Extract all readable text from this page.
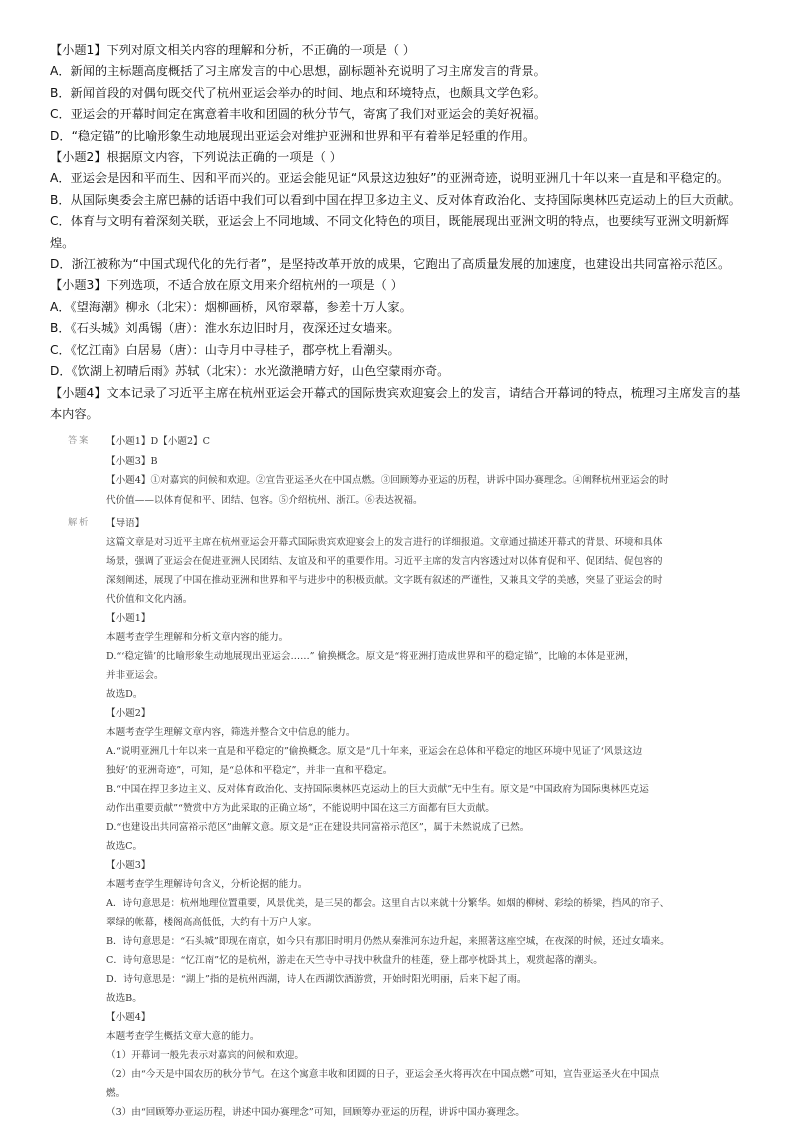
【小题1】下列对原文相关内容的理解和分析，不正确的一项是（ ）

A．新闻的主标题高度概括了习主席发言的中心思想，副标题补充说明了习主席发言的背景。

B．新闻首段的对偶句既交代了杭州亚运会举办的时间、地点和环境特点，也颇具文学色彩。

C．亚运会的开幕时间定在寓意着丰收和团圆的秋分节气，寄寓了我们对亚运会的美好祝福。

D．“稳定锚”的比喻形象生动地展现出亚运会对维护亚洲和世界和平有着举足轻重的作用。

【小题2】根据原文内容，下列说法正确的一项是（ ）

A．亚运会是因和平而生、因和平而兴的。亚运会能见证“风景这边独好”的亚洲奇迹，说明亚洲几十年以来一直是和平稳定的。

B．从国际奥委会主席巴赫的话语中我们可以看到中国在捍卫多边主义、反对体育政治化、支持国际奥林匹克运动上的巨大贡献。

C．体育与文明有着深刻关联，亚运会上不同地域、不同文化特色的项目，既能展现出亚洲文明的特点，也要续写亚洲文明新辉

煌。

D．浙江被称为“中国式现代化的先行者”，是坚持改革开放的成果，它跑出了高质量发展的加速度，也建设出共同富裕示范区。

【小题3】下列选项，不适合放在原文用来介绍杭州的一项是（ ）

A．《望海潮》柳永（北宋）：烟柳画桥，风帘翠幕，参差十万人家。

B．《石头城》刘禹锡（唐）：淮水东边旧时月，夜深还过女墙来。

C．《忆江南》白居易（唐）：山寺月中寻桂子，郡亭枕上看潮头。

D．《饮湖上初晴后雨》苏轼（北宋）：水光潋滟晴方好，山色空蒙雨亦奇。

【小题4】文本记录了习近平主席在杭州亚运会开幕式的国际贵宾欢迎宴会上的发言，请结合开幕词的特点，梳理习主席发言的基

本内容。

答案 【小题1】D【小题2】C

【小题3】B

【小题4】①对嘉宾的问候和欢迎。②宣告亚运圣火在中国点燃。③回顾筹办亚运的历程，讲诉中国办赛理念。④阐释杭州亚运会的时

代价值——以体育促和平、团结、包容。⑤介绍杭州、浙江。⑥表达祝福。

解析 【导语】

这篇文章是对习近平主席在杭州亚运会开幕式国际贵宾欢迎宴会上的发言进行的详细报道。文章通过描述开幕式的背景、环境和具体

场景，强调了亚运会在促进亚洲人民团结、友谊及和平的重要作用。习近平主席的发言内容透过对以体育促和平、促团结、促包容的

深刻阐述，展现了中国在推动亚洲和世界和平与进步中的积极贡献。文字既有叙述的严谨性，又兼具文学的美感，突显了亚运会的时

代价值和文化内涵。

【小题1】

本题考查学生理解和分析文章内容的能力。

D.“‘稳定锚’的比喻形象生动地展现出亚运会……” 偷换概念。原文是“将亚洲打造成世界和平的稳定锚”，比喻的本体是亚洲，

并非亚运会。

故选D。

【小题2】

本题考查学生理解文章内容，筛选并整合文中信息的能力。

A.“说明亚洲几十年以来一直是和平稳定的”偷换概念。原文是“几十年来，亚运会在总体和平稳定的地区环境中见证了‘风景这边

独好’的亚洲奇迹”，可知，是“总体和平稳定”，并非一直和平稳定。

B.“中国在捍卫多边主义、反对体育政治化、支持国际奥林匹克运动上的巨大贡献”无中生有。原文是“中国政府为国际奥林匹克运

动作出重要贡献”“赞赏中方为此采取的正确立场”，不能说明中国在这三方面都有巨大贡献。

D.“也建设出共同富裕示范区”曲解文意。原文是“正在建设共同富裕示范区”，属于未然说成了已然。

故选C。

【小题3】

本题考查学生理解诗句含义，分析论据的能力。

A．诗句意思是：杭州地理位置重要，风景优美，是三吴的都会。这里自古以来就十分繁华。如烟的柳树、彩绘的桥梁，挡风的帘子、

翠绿的帐幕，楼阁高高低低，大约有十万户人家。

B．诗句意思是：“石头城”即现在南京，如今只有那旧时明月仍然从秦淮河东边升起，来照著这座空城，在夜深的时候，还过女墙来。

C．诗句意思是：“忆江南”忆的是杭州，游走在天竺寺中寻找中秋盘升的桂莲，登上郡亭枕卧其上，观赏起落的潮头。

D．诗句意思是：“湖上”指的是杭州西湖，诗人在西湖饮酒游赏，开始时阳光明丽，后来下起了雨。

故选B。

【小题4】

本题考查学生概括文章大意的能力。

（1）开幕词一般先表示对嘉宾的问候和欢迎。

（2）由“今天是中国农历的秋分节气。在这个寓意丰收和团圆的日子，亚运会圣火将再次在中国点燃”可知，宣告亚运圣火在中国点

燃。

（3）由“回顾筹办亚运历程，讲述中国办赛理念”可知，回顾筹办亚运的历程，讲诉中国办赛理念。
